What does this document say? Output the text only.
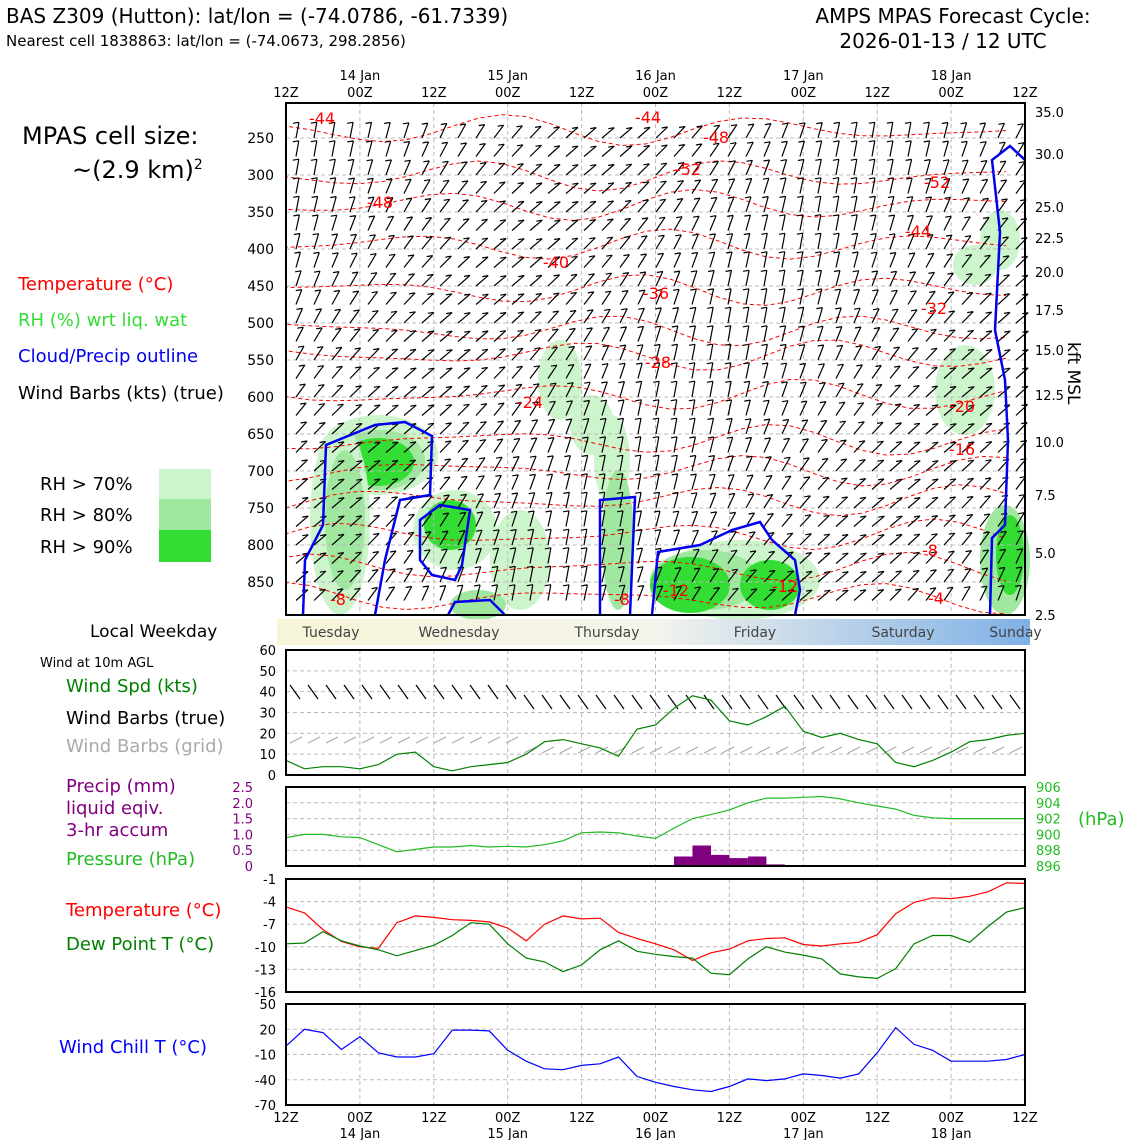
BAS Z309 (Hutton): lat/lon = (-74.0786, -61.7339)
Nearest cell 1838863: lat/lon = (-74.0673, 298.2856)
AMPS MPAS Forecast Cycle:
2026-01-13 / 12 UTC
MPAS cell size:
~(2.9 km)$^2$
Temperature (°C)
RH (%) wrt liq. wat
Cloud/Precip outline
Wind Barbs (kts) (true)
RH > 70%
RH > 80%
RH > 90%
Local Weekday
Wind at 10m AGL
Wind Spd (kts)
Wind Barbs (true)
Wind Barbs (grid)
Precip (mm)
liquid eqiv.
3-hr accum
Pressure (hPa)
(hPa)
Temperature (°C)
Dew Point T (°C)
Wind Chill T (°C)
kft MSL
250
300
350
400
450
500
550
600
650
700
750
800
850
35.0
30.0
25.0
22.5
20.0
17.5
15.0
12.5
10.0
7.5
5.0
2.5
-44	-44
-48
-52
-48
-52
-44
-40
-36
-32
-28
-24	-20
-16
-12	-12
-8
-8
-8
-4
12Z	00Z	12Z	00Z	12Z	00Z	12Z	00Z	12Z	00Z	12Z
14 Jan	15 Jan	16 Jan	17 Jan	18 Jan
Tuesday	Wednesday	Thursday	Friday	Saturday	Sunday
0
10
20
30
40
50
60
0
0.5
1.0
1.5
2.0
2.5
896
898
900
902
904
906
-1
-4
-7
-10
-13
-16
50
20
-10
-40
-70
12Z	00Z	12Z	00Z	12Z	00Z	12Z	00Z	12Z	00Z	12Z
14 Jan	15 Jan	16 Jan	17 Jan	18 Jan
